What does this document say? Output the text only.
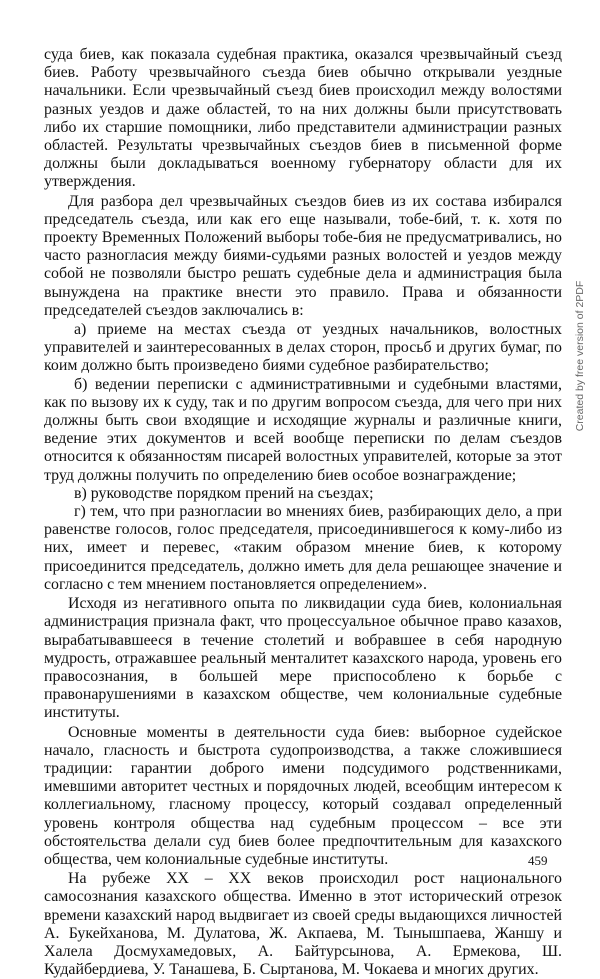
суда биев, как показала судебная практика, оказался чрезвычайный съезд биев. Работу чрезвычайного съезда биев обычно открывали уездные начальники. Если чрезвычайный съезд биев происходил между волостями разных уездов и даже областей, то на них должны были присутствовать либо их старшие помощники, либо представители администрации разных областей. Результаты чрезвычайных съездов биев в письменной форме должны были докладываться военному губернатору области для их утверждения.

Для разбора дел чрезвычайных съездов биев из их состава избирался председатель съезда, или как его еще называли, тобе-бий, т. к. хотя по проекту Временных Положений выборы тобе-бия не предусматривались, но часто разногласия между биями-судьями разных волостей и уездов между собой не позволяли быстро решать судебные дела и администрация была вынуждена на практике внести это правило. Права и обязанности председателей съездов заключались в:

а) приеме на местах съезда от уездных начальников, волостных управителей и заинтересованных в делах сторон, просьб и других бумаг, по коим должно быть произведено биями судебное разбирательство;

б) ведении переписки с административными и судебными властями, как по вызову их к суду, так и по другим вопросом съезда, для чего при них должны быть свои входящие и исходящие журналы и различные книги, ведение этих документов и всей вообще переписки по делам съездов относится к обязанностям писарей волостных управителей, которые за этот труд должны получить по определению биев особое вознаграждение;

в) руководстве порядком прений на съездах;

г) тем, что при разногласии во мнениях биев, разбирающих дело, а при равенстве голосов, голос председателя, присоединившегося к кому-либо из них, имеет и перевес, «таким образом мнение биев, к которому присоединится председатель, должно иметь для дела решающее значение и согласно с тем мнением постановляется определением».

Исходя из негативного опыта по ликвидации суда биев, колониальная администрация признала факт, что процессуальное обычное право казахов, вырабатывавшееся в течение столетий и вобравшее в себя народную мудрость, отражавшее реальный менталитет казахского народа, уровень его правосознания, в большей мере приспособлено к борьбе с правонарушениями в казахском обществе, чем колониальные судебные институты.

Основные моменты в деятельности суда биев: выборное судейское начало, гласность и быстрота судопроизводства, а также сложившиеся традиции: гарантии доброго имени подсудимого родственниками, имевшими авторитет честных и порядочных людей, всеобщим интересом к коллегиальному, гласному процессу, который создавал определенный уровень контроля общества над судебным процессом – все эти обстоятельства делали суд биев более предпочтительным для казахского общества, чем колониальные судебные институты.

На рубеже XX – XX веков происходил рост национального самосознания казахского общества. Именно в этот исторический отрезок времени казахский народ выдвигает из своей среды выдающихся личностей А. Букейханова, М. Дулатова, Ж. Акпаева, М. Тынышпаева, Жаншу и Халела Досмухамедовых, А. Байтурсынова, А. Ермекова, Ш. Кудайбердиева, У. Танашева, Б. Сыртанова, М. Чокаева и многих других.

Created by free version of 2PDF
459
